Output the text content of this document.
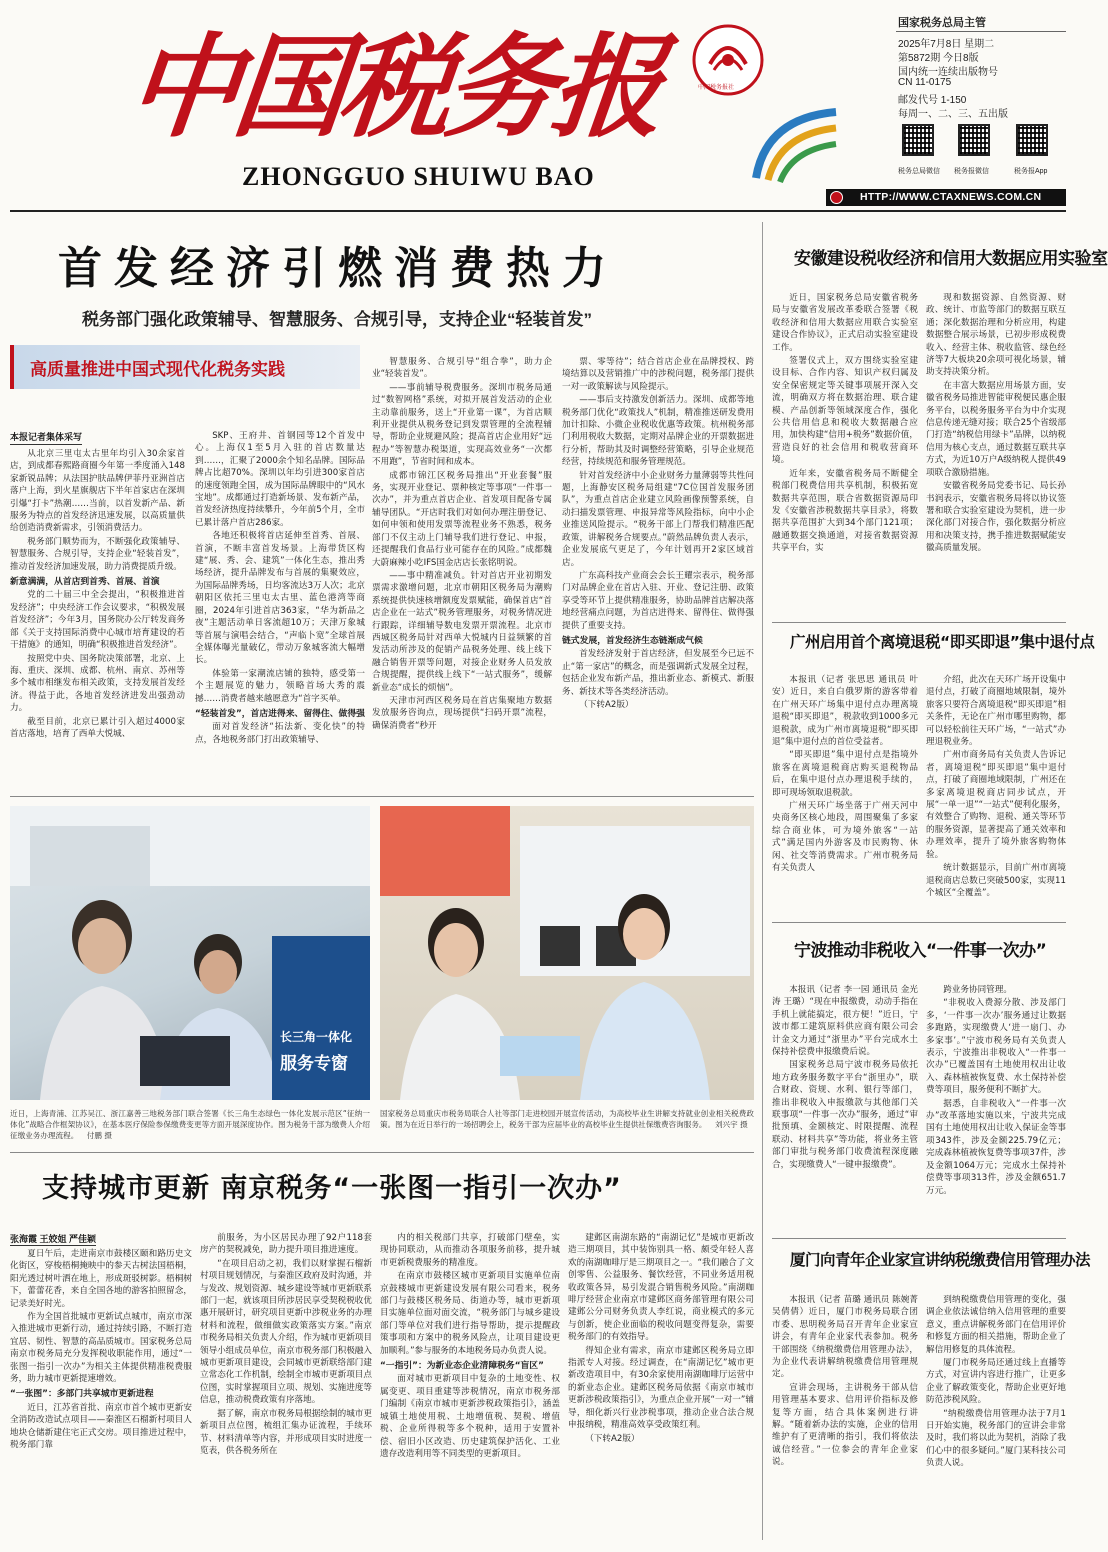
中国税务报
ZHONGGUO SHUIWU BAO
中国税务报社
国家税务总局主管
2025年7月8日 星期二
第5872期 今日8版
国内统一连续出版物号
CN 11-0175
邮发代号 1-150
每周一、二、三、五出版
税务总局微信 税务报微信	税务报App
HTTP://WWW.CTAXNEWS.COM.CN
首发经济引燃消费热力
税务部门强化政策辅导、智慧服务、合规引导，支持企业“轻装首发”
高质量推进中国式现代化税务实践
本报记者集体采写

从北京三里屯太古里年均引入30余家首店，到成都春熙路商圈今年第一季度涌入148家新锐品牌；从法国护肤品牌伊菲丹亚洲首店落户上海，到火星旗舰店下半年首家店在深圳引爆“打卡”热潮……当前，以首发新产品、新服务为特点的首发经济迅速发展，以高质量供给创造消费新需求，引领消费活力。

税务部门顺势而为，不断强化政策辅导、智慧服务、合规引导，支持企业“轻装首发”，推动首发经济加速发展，助力消费提质升级。

新意满满，从首店到首秀、首展、首演

党的二十届三中全会提出，“积极推进首发经济”；中央经济工作会议要求，“积极发展首发经济”；今年3月，国务院办公厅转发商务部《关于支持国际消费中心城市培育建设的若干措施》的通知，明确“积极推进首发经济”。

按照党中央、国务院决策部署，北京、上海、重庆、深圳、成都、杭州、南京、苏州等多个城市相继发布相关政策，支持发展首发经济。得益于此，各地首发经济进发出强劲动力。

截至目前，北京已累计引入超过4000家首店落地，培育了西单大悦城、

SKP、王府井、首钢园等12个首发中心。上海仅1至5月入驻的首店数量达到……，汇聚了2000余个知名品牌。国际品牌占比超70%。深圳以年均引进300家首店的速度领跑全国，成为国际品牌眼中的“风水宝地”。成都通过打造新场景、发布新产品，首发经济热度持续攀升，今年前5个月，全市已累计落户首店286家。

各地还积极将首店延伸至首秀、首展、首演，不断丰富首发场景。上海带货区构建“展、秀、会、建筑”一体化生态，推出秀场经济，提升品牌发布与首展的集聚效应，为国际品牌秀场，日均客流达3万人次；北京朝阳区依托三里屯太古里、蓝色港湾等商圈，2024年引进首店363家，“华为新品之夜”主题活动单日客流超10万；天津万象城等首展与演唱会结合，“声临卜宽”全球首展全媒体曝光量破亿，带动万象城客流大幅增长。

体验第一家潮流店铺的独特，感受第一个主题展览的魅力，领略首场大秀的震撼……消费者越来越愿意为“首字买单。

“轻装首发”，首店进得来、留得住、做得强

面对首发经济“拓法新、变化快”的特点，各地税务部门打出政策辅导、

智慧服务、合规引导“组合拳”，助力企业“轻装首发”。

——事前辅导税费服务。深圳市税务局通过“数智网格”系统，对拟开展首发活动的企业主动靠前服务，送上“开业第一课”，为首店顺利开业提供从税务登记到发票管理的全流程辅导，帮助企业规避风险；提高首店企业用好“远程办”等智慧办税渠道，实现高效业务“一次都不用跑”，节省时间和成本。

成都市锦江区税务局推出“开业套餐”服务，实现开业登记、票种核定等事项“一件事一次办”，并为重点首店企业、首发项目配备专属辅导团队。“开店时我们对如何办理注册登记、如何申领和使用发票等流程业务不熟悉，税务部门不仅主动上门辅导我们进行登记、申报，还提醒我们食品行业可能存在的风险。”成都魏大蔚麻辣小吃IFS国金店店长张铭明说。

——事中精准减负。针对首店开业初期发票需求激增问题，北京市朝阳区税务局为潮购系统提供快速核增额度发票赋能，确保首店“首店企业在一站式”税务管理服务，对税务情况进行跟踪，详细辅导数电发票开票流程。北京市西城区税务局针对西单大悦城内日益频繁的首发活动所涉及的促销产品税务处理、线上线下融合销售开票等问题，对接企业财务人员发放合规提醒，提供线上线下“一站式服务”，缓解新业态“成长的烦恼”。

天津市河西区税务局在首店集聚地方数据发放服务咨询点，现场提供“扫码开票”流程，确保消费者“秒开

票、零等待”；结合首店企业在品牌授权、跨境结算以及营销推广中的涉税问题，税务部门提供一对一政策解读与风险提示。

——事后支持激发创新活力。深圳、成都等地税务部门优化“政策找人”机制，精准推送研发费用加计扣除、小微企业税收优惠等政策。杭州税务部门利用税收大数据，定期对品牌企业的开票数据进行分析，帮助其及时调整经营策略，引导企业规范经营，持续规范和服务管理规范。

针对首发经济中小企业财务力量薄弱等共性问题，上海静安区税务局组建“7C位国首发服务团队”，为重点首店企业建立风险画像预警系统，自动扫描发票管理、申报异常等风险指标，向中小企业推送风险提示。“税务干部上门帮我们精准匹配政策，讲解税务合规要点。”蔚然品牌负责人表示，企业发展底气更足了，今年计划再开2家区域首店。

广东高科技产业商会会长王耀宗表示，税务部门对品牌企业在首店入驻、开业、登记注册、政策享受等环节上提供精准服务，协助品牌首店解决落地经营痛点问题，为首店进得来、留得住、做得强提供了重要支持。

链式发展，首发经济生态链渐成气候

首发经济发射于首店经济，但发展至今已远不止“第一家店”的概念，而是强调新式发展全过程，包括企业发布新产品，推出新业态、新模式、新服务、新技术等各类经济活动。

（下转A2版）

长三角一体化
服务专窗
近日，上海青浦、江苏吴江、浙江嘉善三地税务部门联合签署《长三角生态绿色一体化发展示范区“征纳一体化”战略合作框架协议》，在基本医疗保险参保缴费变更等方面开展深度协作。图为税务干部为缴费人介绍征缴业务办理流程。 付鹏 摄
国家税务总局重庆市税务局联合人社等部门走进校园开展宣传活动，为高校毕业生讲解支持就业创业相关税费政策。图为在近日举行的一场招聘会上，税务干部为应届毕业的高校毕业生提供社保缴费咨询服务。 刘兴宇 摄
支持城市更新 南京税务“一张图一指引一次办”
张海霞 王姣姐 严佳颖

夏日午后，走进南京市鼓楼区颐和路历史文化街区，穿梭梧桐掩映中的参天古树法国梧桐，阳光透过树叶洒在地上，形成斑驳树影。梧桐树下，蕾蕾花香，来自全国各地的游客拍照留念，记录美好时光。

作为全国首批城市更新试点城市，南京市深入推进城市更新行动，通过持续引路，不断打造宜居、韧性、智慧的高品质城市。国家税务总局南京市税务局充分发挥税收职能作用，通过“一张图一指引一次办”为相关主体提供精准税费服务，助力城市更新提速增效。

“一张图”：多部门共享城市更新进程

近日，江苏省首批、南京市首个城市更新安全消防改造试点项目——秦淮区石榴新村项目人地块仓储新建住宅正式交房。项目推进过程中，税务部门靠

前服务，为小区居民办理了92户118套房产的契税减免，助力提升项目推进速度。

“在项目启动之初，我们以财掌握石榴新村项目规划情况，与秦淮区政府及时沟通，并与发改、规划资源、城乡建设等城市更新联系部门一起，就该项目所涉居民享受契税税收优惠开展研讨，研究项目更新中涉税业务的办理材料和流程，做细做实政策落实方案。”南京市税务局相关负责人介绍，作为城市更新项目领导小组成员单位，南京市税务部门积极融入城市更新项目建设，会同城市更新联络部门建立常态化工作机制，绘制全市城市更新项目点位图，实时掌握项目立项、规划、实施进度等信息，推动税费政策有序落地。

据了解，南京市税务局根据绘制的城市更新项目点位图，梳组汇集办证流程，手续环节、材料清单等内容，并形成项目实时进度一览表，供各税务所在

内的相关税部门共享，打破部门壁垒，实现协同联动，从而推动各项服务前移，提升城市更新税费服务的精准度。

在南京市鼓楼区城市更新项目实施单位南京鼓楼城市更新建设发展有限公司看来，税务部门与鼓楼区税务局、街道办等，城市更新项目实施单位面对面交流，“税务部门与城乡建设部门等单位对我们进行指导帮助，提示提醒政策事项和方案中的税务风险点，让项目建设更加顺利。”参与服务的本地税务局办负责人说。

“一指引”：为新业态企业清障税务“盲区”

面对城市更新项目中复杂的土地变性、权属变更、项目重建等涉税情况，南京市税务部门编制《南京市城市更新涉税政策指引》，涵盖城镇土地使用税、土地增值税、契税、增值税、企业所得税等多个税种，适用于安置补偿、宿旧小区改造、历史建筑保护活化、工业遗存改造利用等不同类型的更新项目。

建邺区南湖东路的“南湖记忆”是城市更新改造三期项目，其中装饰别具一格、颇受年轻人喜欢的南湖咖啡厅是三期项目之一。“我们融合了文创零售、公益服务、餐饮经营，不同业务适用税收政策各异，易引发混合销售税务风险。”南湖咖啡厅经营企业南京市建邺区商务部管理有限公司建邺公分司财务负责人李红说，商业模式的多元与创新，使企业面临的税收问题变得复杂，需要税务部门的有效指导。

得知企业有需求，南京市建邺区税务局立即指派专人对接。经过调查，在“南湖记忆”城市更新改造项目中，有30余家使用南湖咖啡厅运营中的新业态企业。建邺区税务局依据《南京市城市更新涉税政策指引》，为重点企业开展“一对一”辅导，细化新兴行业涉税事项，推动企业合法合规申报纳税，精准高效享受政策红利。

（下转A2版）

安徽建设税收经济和信用大数据应用实验室

近日，国家税务总局安徽省税务局与安徽省发展改革委联合签署《税收经济和信用大数据应用联合实验室建设合作协议》，正式启动实验室建设工作。

签署仪式上，双方围绕实验室建设目标、合作内容、知识产权归属及安全保密规定等关键事项展开深入交流，明确双方将在数据治理、联合建模、产品创新等领域深度合作，强化公共信用信息和税收大数据融合应用，加快构建“信用+税务”数据价值，营造良好的社会信用和税收营商环境。

近年来，安徽省税务局不断健全税部门税费信用共享机制，积极拓宽数据共享范围，联合省数据资源局印发《安徽省涉税数据共享目录》，将数据共享范围扩大到34个部门121项；融通数据交换通道，对接省数据资源共享平台，实

现和数据资源、自然资源、财政、统计、市监等部门的数据互联互通；深化数据治理和分析应用，构建数据整合展示场景，已初步形成税费收入、经营主体、税收监管、绿色经济等7大板块20余项可视化场景，辅助支持决策分析。

在丰富大数据应用场景方面，安徽省税务局推进智能审税便民惠企服务平台，以税务服务平台为中介实现信息传递无缝对接；联合25个省级部门打造“纳税信用绿卡”品牌，以纳税信用为核心支点，通过数据互联共享方式，为近10万户A级纳税人提供49项联合激励措施。

安徽省税务局党委书记、局长孙书润表示，安徽省税务局将以协议签署和联合实验室建设为契机，进一步深化部门对接合作，强化数据分析应用和决策支持，携手推进数据赋能安徽高质量发展。

广州启用首个离境退税“即买即退”集中退付点

本报讯（记者 张思思 通讯员 叶安）近日，来自白俄罗斯的游客带着在广州天环广场集中退付点办理离境退税“即买即退”，税款收到1000多元退税款，成为广州市离境退税“即买即退”集中退付点的首位受益者。

“即买即退”集中退付点是指境外旅客在离境退税商店购买退税物品后，在集中退付点办理退税手续的，即可现场领取退税款。

广州天环广场坐落于广州天河中央商务区核心地段，周围聚集了多家综合商业体，可为境外旅客“一站式”满足国内外游客及市民购物、休闲、社交等消费需求。广州市税务局有关负责人

介绍，此次在天环广场开设集中退付点，打破了商圈地域限制，境外旅客只要符合离境退税“即买即退”相关条件，无论在广州市哪里购物，都可以轻松前往天环广场，“一站式”办理退税业务。

广州市商务局有关负责人告诉记者，离境退税“即买即退”集中退付点，打破了商圈地域限制，广州还在多家离境退税商店同步试点，开展“一单一退”“一站式”便利化服务，有效整合了购物、退税、通关等环节的服务资源，显著提高了通关效率和办理效率，提升了境外旅客购物体验。

统计数据显示，目前广州市离境退税商店总数已突破500家，实现11个城区“全覆盖”。

宁波推动非税收入“一件事一次办”

本报讯（记者 李一园 通讯员 金光涛 王璐）“现在申报缴费，动动手指在手机上就能搞定，很方便！”近日，宁波市都工建筑原料供应商有限公司会计金文力通过“浙里办”平台完成水土保持补偿费申报缴费后说。

国家税务总局宁波市税务局依托地方政务服务数字平台“浙里办”，联合财政、资规、水利、银行等部门，推出非税收入申报缴款与其他部门关联事项“一件事一次办”服务，通过“审批预填、金额核定、时限提醒、流程联动、材料共享”等功能，将业务主管部门审批与税务部门收费流程深度融合，实现缴费人“一键申报缴费”。

跨业务协同管理。

“非税收入费源分散、涉及部门多，‘一件事一次办’服务通过让数据多跑路，实现缴费人‘进一扇门、办多家事’。”宁波市税务局有关负责人表示，宁波推出非税收入“一件事一次办”已覆盖国有土地使用权出让收入、森林植被恢复费、水土保持补偿费等项目，服务便利不断扩大。

据悉，自非税收入“一件事一次办”改革落地实施以来，宁波共完成国有土地使用权出让收入保证金等事项343件，涉及金额225.79亿元；完成森林植被恢复费等事项37件，涉及金额1064万元；完成水土保持补偿费等事项313件，涉及金额651.7万元。

厦门向青年企业家宣讲纳税缴费信用管理办法

本报讯（记者 苗璐 通讯员 陈婉菁 吴倩倩）近日，厦门市税务局联合团市委、思明税务局召开青年企业家宣讲会，有青年企业家代表参加。税务干部围绕《纳税缴费信用管理办法》，为企业代表讲解纳税缴费信用管理规定。

宣讲会现场，主讲税务干部从信用管理基本要求、信用评价指标及修复等方面，结合具体案例进行讲解。“随着新办法的实施，企业的信用维护有了更清晰的指引，我们将依法诚信经营。”一位参会的青年企业家说。

到纳税缴费信用管理的变化，强调企业依法诚信纳入信用管理的重要意义，重点讲解税务部门在信用评价和修复方面的相关措施，帮助企业了解信用修复的具体流程。

厦门市税务局还通过线上直播等方式，对宣讲内容进行推广，让更多企业了解政策变化，帮助企业更好地防范涉税风险。

“纳税缴费信用管理办法于7月1日开始实施，税务部门的宣讲会非常及时，我们将以此为契机，消除了我们心中的很多疑问。”厦门某科技公司负责人说。
